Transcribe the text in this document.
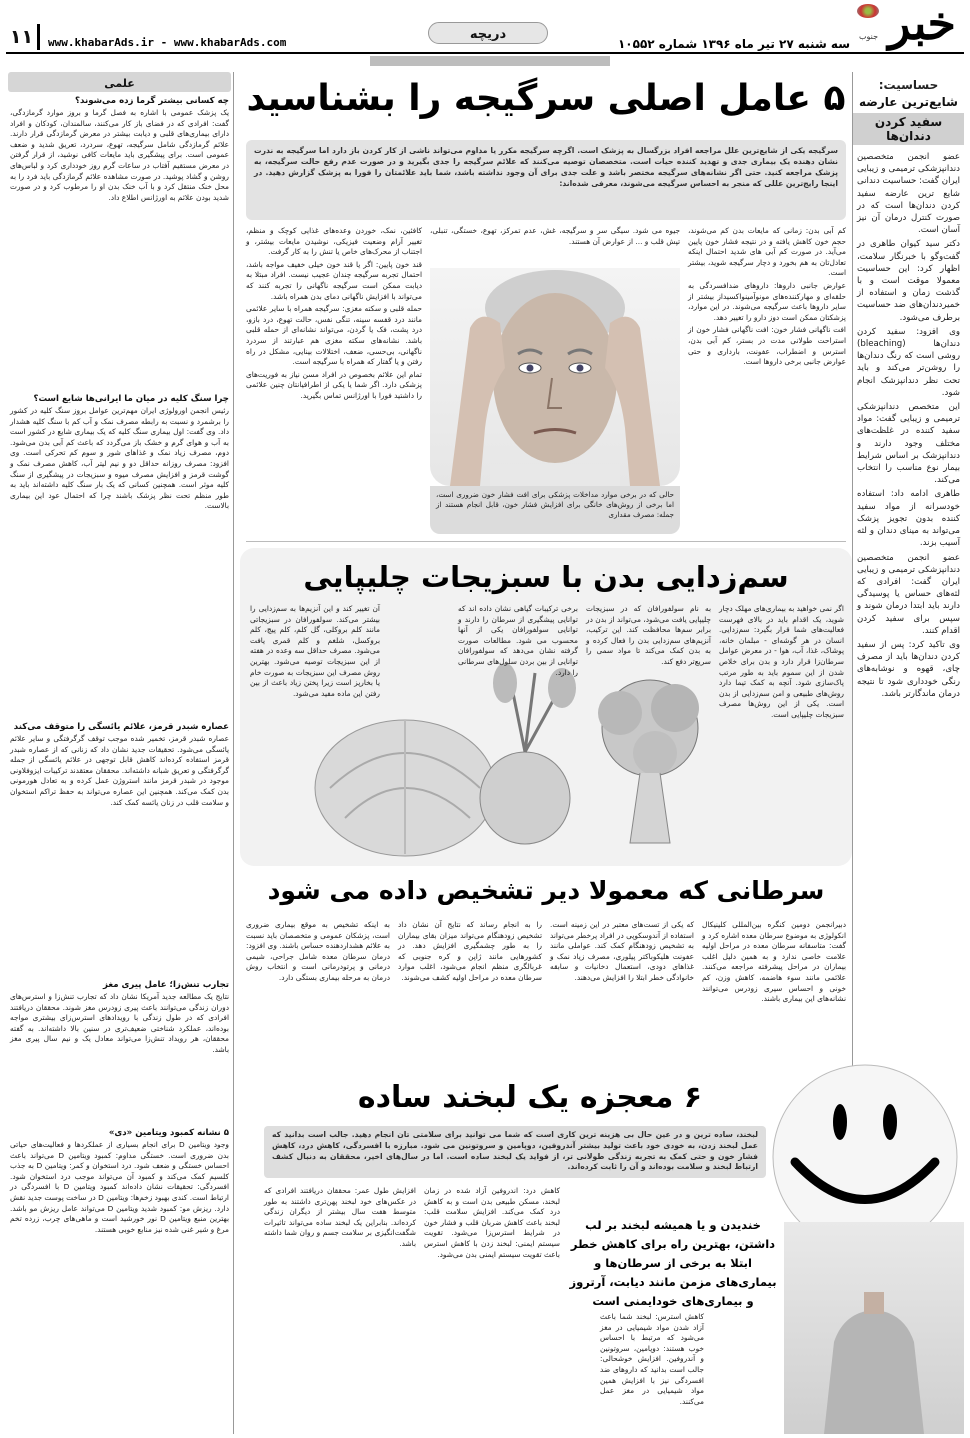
خبر
جنوب
سه شنبه ۲۷ تیر ماه ۱۳۹۶ شماره ۱۰۵۵۲
دریچه
www.khabarAds.ir - www.khabarAds.com
۱۱
KHABAR-E-JONOOB MORNING NEWSPAPER
حساسیت:
شایع‌ترین عارضه
سفید کردن دندان‌ها

عضو انجمن متخصصین دندانپزشکی ترمیمی و زیبایی ایران گفت: حساسیت دندانی شایع ترین عارضه سفید کردن دندان‌ها است که در صورت کنترل درمان آن نیز آسان است.

دکتر سید کیوان طاهری در گفت‌وگو با خبرنگار سلامت، اظهار کرد: این حساسیت معمولا موقت است و با گذشت زمان و استفاده از خمیردندان‌های ضد حساسیت برطرف می‌شود.

وی افزود: سفید کردن دندان‌ها (bleaching) روشی است که رنگ دندان‌ها را روشن‌تر می‌کند و باید تحت نظر دندانپزشک انجام شود.

این متخصص دندانپزشکی ترمیمی و زیبایی گفت: مواد سفید کننده در غلظت‌های مختلف وجود دارند و دندانپزشک بر اساس شرایط بیمار نوع مناسب را انتخاب می‌کند.

طاهری ادامه داد: استفاده خودسرانه از مواد سفید کننده بدون تجویز پزشک می‌تواند به مینای دندان و لثه آسیب بزند.

عضو انجمن متخصصین دندانپزشکی ترمیمی و زیبایی ایران گفت: افرادی که لثه‌های حساس یا پوسیدگی دارند باید ابتدا درمان شوند و سپس برای سفید کردن اقدام کنند.

وی تاکید کرد: پس از سفید کردن دندان‌ها باید از مصرف چای، قهوه و نوشابه‌های رنگی خودداری شود تا نتیجه درمان ماندگارتر باشد.

۵ عامل اصلی سرگیجه را بشناسید
سرگیجه یکی از شایع‌ترین علل مراجعه افراد بزرگسال به پزشک است. اگرچه سرگیجه مکرر یا مداوم می‌تواند ناشی از کار کردن باز دارد اما سرگیجه به ندرت نشان دهنده یک بیماری جدی و تهدید کننده حیات است. متخصصان توصیه می‌کنند که علائم سرگیجه را جدی بگیرید و در صورت عدم رفع حالت سرگیجه، به پزشک مراجعه کنید. حتی اگر نشانه‌های سرگیجه مختصر باشد و علت جدی برای آن وجود نداشته باشد، شما باید علائمتان را فورا به پزشک گزارش دهید. در اینجا رایج‌ترین عللی که منجر به احساس سرگیجه می‌شوند، معرفی شده‌اند:

کم آبی بدن: زمانی که مایعات بدن کم می‌شوند، حجم خون کاهش یافته و در نتیجه فشار خون پایین می‌آید. در صورت کم آبی های شدید احتمال اینکه تعادل‌تان به هم بخورد و دچار سرگیجه شوید، بیشتر است.

عوارض جانبی داروها: داروهای ضدافسردگی به حلقه‌ای و مهارکننده‌های مونوآمینواکسیداز بیشتر از سایر داروها باعث سرگیجه می‌شوند. در این موارد، پزشکتان ممکن است دوز دارو را تغییر دهد.

افت ناگهانی فشار خون: افت ناگهانی فشار خون از استراحت طولانی مدت در بستر، کم آبی بدن، استرس و اضطراب، عفونت، بارداری و حتی عوارض جانبی برخی داروها است.

جیوه می شود. سیگی سر و سرگیجه، غش، عدم تمرکز، تهوع، خستگی، تنبلی، تپش قلب و ... از عوارض آن هستند.

حالی که در برخی موارد مداخلات پزشکی برای افت فشار خون ضروری است، اما برخی از روش‌های خانگی برای افزایش فشار خون، قابل انجام هستند از جمله: مصرف مقداری

کافئین، نمک، خوردن وعده‌های غذایی کوچک و منظم، تغییر آرام وضعیت فیزیکی، نوشیدن مایعات بیشتر، و اجتناب از محرک‌های خاص یا تنش را به کار گرفت.

قند خون پایین: اگر یا قند خون خیلی خفیف مواجه باشد، احتمال تجربه سرگیجه چندان عجیب نیست. افراد مبتلا به دیابت ممکن است سرگیجه ناگهانی را تجربه کنند که می‌تواند با افزایش ناگهانی دمای بدن همراه باشد.

حمله قلبی و سکته مغزی: سرگیجه همراه با سایر علائمی مانند درد قفسه سینه، تنگی نفس، حالت تهوع، درد بازو، درد پشت، فک یا گردن، می‌تواند نشانه‌ای از حمله قلبی باشد. نشانه‌های سکته مغزی هم عبارتند از سردرد ناگهانی، بی‌حسی، ضعف، اختلالات بینایی، مشکل در راه رفتن و یا گفتار که همراه با سرگیجه است.

تمام این علائم بخصوص در افراد مسن نیاز به فوریت‌های پزشکی دارد. اگر شما یا یکی از اطرافیانتان چنین علائمی را داشتید فورا با اورژانس تماس بگیرید.

سم‌زدایی بدن با سبزیجات چلیپایی
اگر نمی خواهید به بیماری‌های مهلک دچار شوید، یک اقدام باید در بالای فهرست فعالیت‌های شما قرار بگیرد: سم‌زدایی. انسان در هر گوشه‌ای - مبلمان خانه، پوشاک، غذا، آب، هوا - در معرض عوامل سرطان‌زا قرار دارد و بدن برای خلاص شدن از این سموم باید به طور مرتب پاک‌سازی شود. آنچه به کمک تیما دارد روش‌های طبیعی و امن سم‌زدایی از بدن است. یکی از این روش‌ها مصرف سبزیجات چلیپایی است.
به نام سولفورافان که در سبزیجات چلیپایی یافت می‌شود، می‌تواند از بدن در برابر سم‌ها محافظت کند. این ترکیب، آنزیم‌های سم‌زدایی بدن را فعال کرده و به بدن کمک می‌کند تا مواد سمی را سریع‌تر دفع کند.
برخی ترکیبات گیاهی نشان داده اند که توانایی پیشگیری از سرطان را دارند و توانایی سولفورافان یکی از آنها محسوب می شود. مطالعات صورت گرفته نشان می‌دهد که سولفورافان توانایی از بین بردن سلول‌های سرطانی را دارد.
آن تغییر کند و این آنزیم‌ها به سم‌زدایی را بیشتر می‌کند. سولفورافان در سبزیجاتی مانند کلم بروکلی، گل کلم، کلم پیچ، کلم بروکسل، شلغم و کلم قمری یافت می‌شود. مصرف حداقل سه وعده در هفته از این سبزیجات توصیه می‌شود. بهترین روش مصرف این سبزیجات به صورت خام یا بخارپز است زیرا پختن زیاد باعث از بین رفتن این ماده مفید می‌شود.
سرطانی که معمولا دیر تشخیص داده می شود
دبیرانجمن دومین کنگره بین‌المللی کلینیکال انکولوژی به موضوع سرطان معده اشاره کرد و گفت: متاسفانه سرطان معده در مراحل اولیه علامت خاصی ندارد و به همین دلیل اغلب بیماران در مراحل پیشرفته مراجعه می‌کنند. علائمی مانند سوء هاضمه، کاهش وزن، کم خونی و احساس سیری زودرس می‌توانند نشانه‌های این بیماری باشند.
که یکی از تست‌های معتبر در این زمینه است. استفاده از آندوسکوپی در افراد پرخطر می‌تواند به تشخیص زودهنگام کمک کند. عواملی مانند عفونت هلیکوباکتر پیلوری، مصرف زیاد نمک و غذاهای دودی، استعمال دخانیات و سابقه خانوادگی خطر ابتلا را افزایش می‌دهند.
را به انجام رساند که نتایج آن نشان داد تشخیص زودهنگام می‌تواند میزان بقای بیماران را به طور چشمگیری افزایش دهد. در کشورهایی مانند ژاپن و کره جنوبی که غربالگری منظم انجام می‌شود، اغلب موارد سرطان معده در مراحل اولیه کشف می‌شوند.
به اینکه تشخیص به موقع بیماری ضروری است، پزشکان عمومی و متخصصان باید نسبت به علائم هشداردهنده حساس باشند. وی افزود: درمان سرطان معده شامل جراحی، شیمی درمانی و پرتودرمانی است و انتخاب روش درمان به مرحله بیماری بستگی دارد.
۶ معجزه یک لبخند ساده
لبخند، ساده ترین و در عین حال بی هزینه ترین کاری است که شما می توانید برای سلامتی تان انجام دهید. جالب است بدانید که عمل لبخند زدن، به خودی خود باعث تولید بیشتر آندروفین، دوپامین و سروتونین می شود. مبارزه با افسردگی، کاهش درد، کاهش فشار خون و حتی کمک به تجربه زندگی طولانی تر، از فواید یک لبخند ساده است. اما در سال‌های اخیر، محققان به دنبال کشف ارتباط لبخند و سلامت بوده‌اند و آن را ثابت کرده‌اند.
خندیدن و یا همیشه لبخند بر لب داشتن، بهترین راه برای کاهش خطر ابتلا به برخی از سرطان‌ها و بیماری‌های مزمن مانند دیابت، آرتروز و بیماری‌های خودایمنی است
کاهش استرس: لبخند شما باعث آزاد شدن مواد شیمیایی در مغز می‌شود که مرتبط با احساس خوب هستند: دوپامین، سروتونین و آندروفین. افزایش خوشحالی: جالب است بدانید که داروهای ضد افسردگی نیز با افزایش همین مواد شیمیایی در مغز عمل می‌کنند.
کاهش درد: اندروفین آزاد شده در زمان لبخند، مسکن طبیعی بدن است و به کاهش درد کمک می‌کند. افزایش سلامت قلب: لبخند باعث کاهش ضربان قلب و فشار خون در شرایط استرس‌زا می‌شود. تقویت سیستم ایمنی: لبخند زدن با کاهش استرس باعث تقویت سیستم ایمنی بدن می‌شود.
افزایش طول عمر: محققان دریافتند افرادی که در عکس‌های خود لبخند پهن‌تری داشتند به طور متوسط هفت سال بیشتر از دیگران زندگی کرده‌اند. بنابراین یک لبخند ساده می‌تواند تاثیرات شگفت‌انگیزی بر سلامت جسم و روان شما داشته باشد.
علمی
چه کسانی بیشتر گرما زده می‌شوند؟
یک پزشک عمومی با اشاره به فصل گرما و بروز موارد گرمازدگی، گفت: افرادی که در فضای باز کار می‌کنند، سالمندان، کودکان و افراد دارای بیماری‌های قلبی و دیابت بیشتر در معرض گرمازدگی قرار دارند. علائم گرمازدگی شامل سرگیجه، تهوع، سردرد، تعریق شدید و ضعف عمومی است. برای پیشگیری باید مایعات کافی نوشید، از قرار گرفتن در معرض مستقیم آفتاب در ساعات گرم روز خودداری کرد و لباس‌های روشن و گشاد پوشید. در صورت مشاهده علائم گرمازدگی باید فرد را به محل خنک منتقل کرد و با آب خنک بدن او را مرطوب کرد و در صورت شدید بودن علائم به اورژانس اطلاع داد.
چرا سنگ کلیه در میان ما ایرانی‌ها شایع است؟
رئیس انجمن اورولوژی ایران مهم‌ترین عوامل بروز سنگ کلیه در کشور را برشمرد و نسبت به رابطه مصرف نمک و آب کم با سنگ کلیه هشدار داد. وی گفت: اول بیماری سنگ کلیه که یک بیماری شایع در کشور است به آب و هوای گرم و خشک باز می‌گردد که باعث کم آبی بدن می‌شود. دوم، مصرف زیاد نمک و غذاهای شور و سوم کم تحرکی است. وی افزود: مصرف روزانه حداقل دو و نیم لیتر آب، کاهش مصرف نمک و گوشت قرمز و افزایش مصرف میوه و سبزیجات در پیشگیری از سنگ کلیه موثر است. همچنین کسانی که یک بار سنگ کلیه داشته‌اند باید به طور منظم تحت نظر پزشک باشند چرا که احتمال عود این بیماری بالاست.
عصاره شبدر قرمز، علائم یائسگی را متوقف می‌کند
عصاره شبدر قرمز، تخمیر شده موجب توقف گرگرفتگی و سایر علائم یائسگی می‌شود. تحقیقات جدید نشان داد که زنانی که از عصاره شبدر قرمز استفاده کرده‌اند کاهش قابل توجهی در علائم یائسگی از جمله گرگرفتگی و تعریق شبانه داشته‌اند. محققان معتقدند ترکیبات ایزوفلاونی موجود در شبدر قرمز مانند استروژن عمل کرده و به تعادل هورمونی بدن کمک می‌کند. همچنین این عصاره می‌تواند به حفظ تراکم استخوان و سلامت قلب در زنان یائسه کمک کند.
تجارب تنش‌زا؛ عامل پیری مغز
نتایج یک مطالعه جدید آمریکا نشان داد که تجارب تنش‌زا و استرس‌های دوران زندگی می‌توانند باعث پیری زودرس مغز شوند. محققان دریافتند افرادی که در طول زندگی با رویدادهای استرس‌زای بیشتری مواجه بوده‌اند، عملکرد شناختی ضعیف‌تری در سنین بالا داشته‌اند. به گفته محققان، هر رویداد تنش‌زا می‌تواند معادل یک و نیم سال پیری مغز باشد.
۵ نشانه کمبود ویتامین «دی»
وجود ویتامین D برای انجام بسیاری از عملکردها و فعالیت‌های حیاتی بدن ضروری است. خستگی مداوم: کمبود ویتامین D می‌تواند باعث احساس خستگی و ضعف شود. درد استخوان و کمر: ویتامین D به جذب کلسیم کمک می‌کند و کمبود آن می‌تواند موجب درد استخوان شود. افسردگی: تحقیقات نشان داده‌اند کمبود ویتامین D با افسردگی در ارتباط است. کندی بهبود زخم‌ها: ویتامین D در ساخت پوست جدید نقش دارد. ریزش مو: کمبود شدید ویتامین D می‌تواند عامل ریزش مو باشد. بهترین منبع ویتامین D نور خورشید است و ماهی‌های چرب، زرده تخم مرغ و شیر غنی شده نیز منابع خوبی هستند.
